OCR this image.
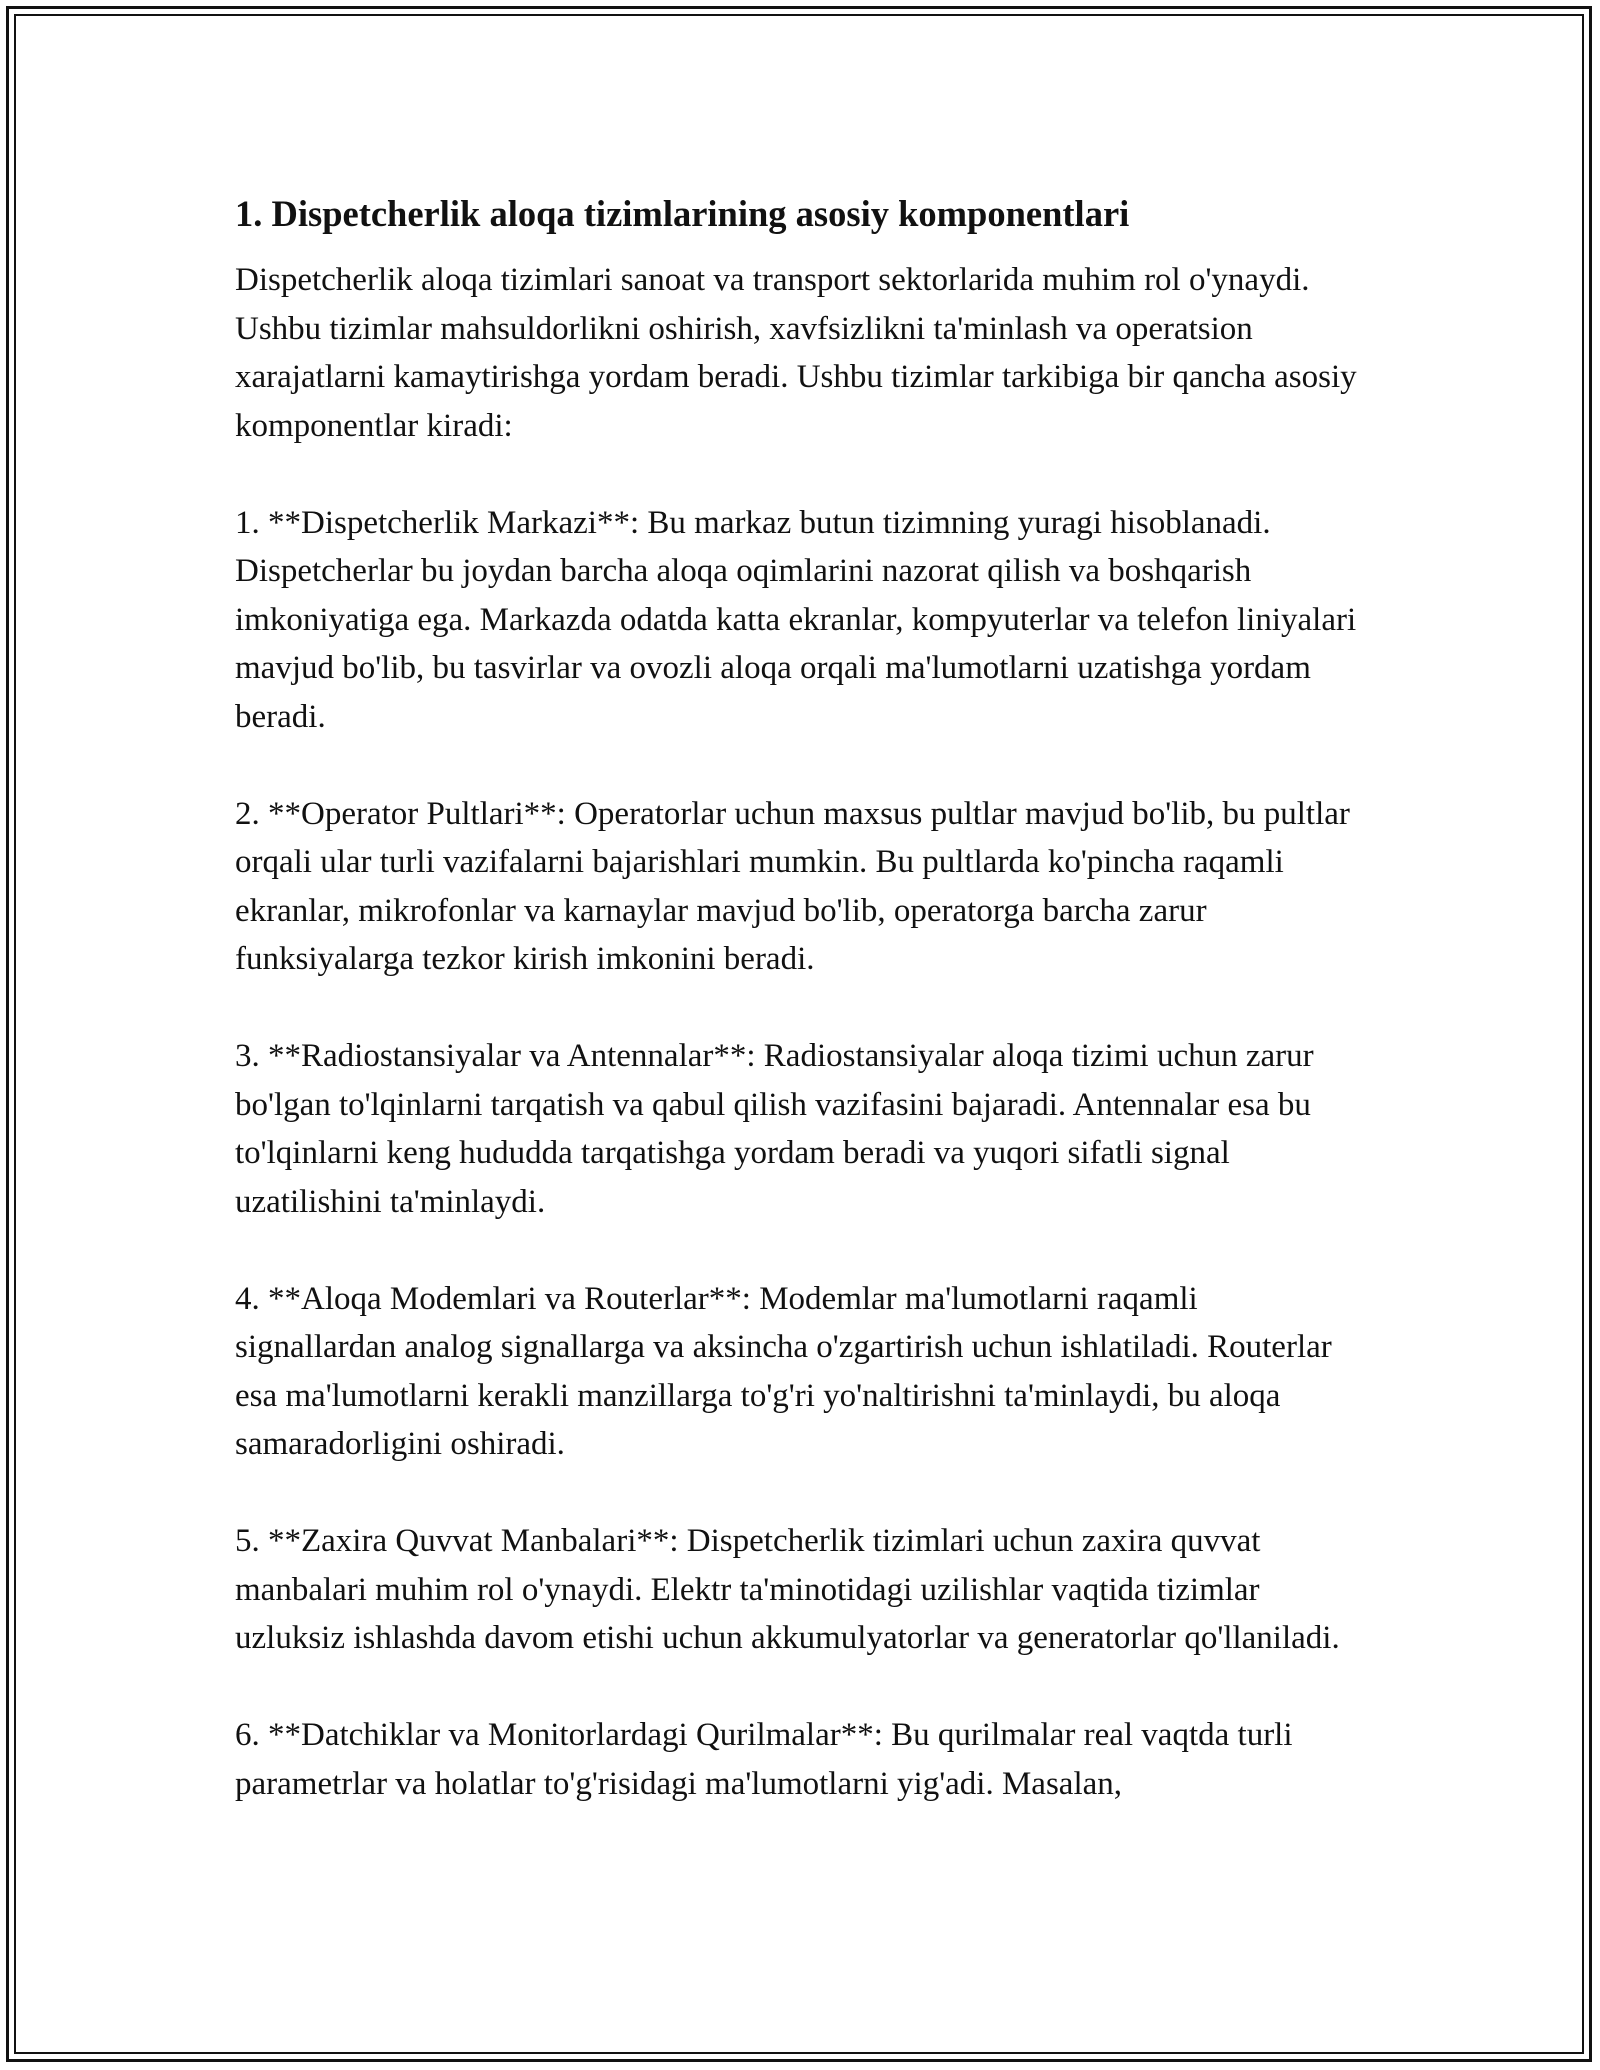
1. Dispetcherlik aloqa tizimlarining asosiy komponentlari

Dispetcherlik aloqa tizimlari sanoat va transport sektorlarida muhim rol o'ynaydi. Ushbu tizimlar mahsuldorlikni oshirish, xavfsizlikni ta'minlash va operatsion xarajatlarni kamaytirishga yordam beradi. Ushbu tizimlar tarkibiga bir qancha asosiy komponentlar kiradi:

1. **Dispetcherlik Markazi**: Bu markaz butun tizimning yuragi hisoblanadi. Dispetcherlar bu joydan barcha aloqa oqimlarini nazorat qilish va boshqarish imkoniyatiga ega. Markazda odatda katta ekranlar, kompyuterlar va telefon liniyalari mavjud bo'lib, bu tasvirlar va ovozli aloqa orqali ma'lumotlarni uzatishga yordam beradi.

2. **Operator Pultlari**: Operatorlar uchun maxsus pultlar mavjud bo'lib, bu pultlar orqali ular turli vazifalarni bajarishlari mumkin. Bu pultlarda ko'pincha raqamli ekranlar, mikrofonlar va karnaylar mavjud bo'lib, operatorga barcha zarur funksiyalarga tezkor kirish imkonini beradi.

3. **Radiostansiyalar va Antennalar**: Radiostansiyalar aloqa tizimi uchun zarur bo'lgan to'lqinlarni tarqatish va qabul qilish vazifasini bajaradi. Antennalar esa bu to'lqinlarni keng hududda tarqatishga yordam beradi va yuqori sifatli signal uzatilishini ta'minlaydi.

4. **Aloqa Modemlari va Routerlar**: Modemlar ma'lumotlarni raqamli signallardan analog signallarga va aksincha o'zgartirish uchun ishlatiladi. Routerlar esa ma'lumotlarni kerakli manzillarga to'g'ri yo'naltirishni ta'minlaydi, bu aloqa samaradorligini oshiradi.

5. **Zaxira Quvvat Manbalari**: Dispetcherlik tizimlari uchun zaxira quvvat manbalari muhim rol o'ynaydi. Elektr ta'minotidagi uzilishlar vaqtida tizimlar uzluksiz ishlashda davom etishi uchun akkumulyatorlar va generatorlar qo'llaniladi.

6. **Datchiklar va Monitorlardagi Qurilmalar**: Bu qurilmalar real vaqtda turli parametrlar va holatlar to'g'risidagi ma'lumotlarni yig'adi. Masalan,
